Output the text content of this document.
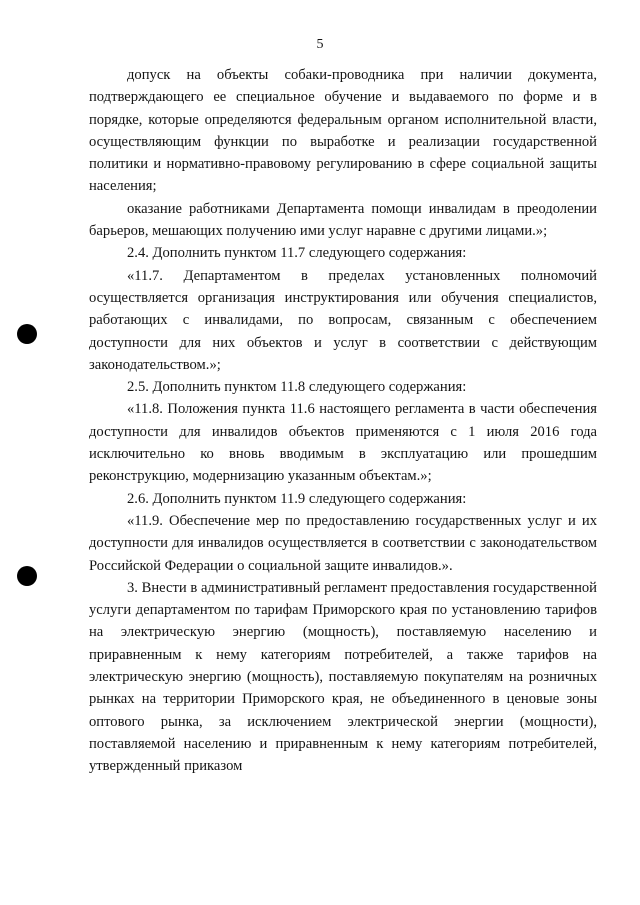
5

допуск на объекты собаки-проводника при наличии документа, подтверждающего ее специальное обучение и выдаваемого по форме и в порядке, которые определяются федеральным органом исполнительной власти, осуществляющим функции по выработке и реализации государственной политики и нормативно-правовому регулированию в сфере социальной защиты населения;

оказание работниками Департамента помощи инвалидам в преодолении барьеров, мешающих получению ими услуг наравне с другими лицами.»;

2.4. Дополнить пунктом 11.7 следующего содержания:

«11.7. Департаментом в пределах установленных полномочий осуществляется организация инструктирования или обучения специалистов, работающих с инвалидами, по вопросам, связанным с обеспечением доступности для них объектов и услуг в соответствии с действующим законодательством.»;

2.5. Дополнить пунктом 11.8 следующего содержания:

«11.8. Положения пункта 11.6 настоящего регламента в части обеспечения доступности для инвалидов объектов применяются с 1 июля 2016 года исключительно ко вновь вводимым в эксплуатацию или прошедшим реконструкцию, модернизацию указанным объектам.»;

2.6. Дополнить пунктом 11.9 следующего содержания:

«11.9. Обеспечение мер по предоставлению государственных услуг и их доступности для инвалидов осуществляется в соответствии с законодательством Российской Федерации о социальной защите инвалидов.».

3. Внести в административный регламент предоставления государственной услуги департаментом по тарифам Приморского края по установлению тарифов на электрическую энергию (мощность), поставляемую населению и приравненным к нему категориям потребителей, а также тарифов на электрическую энергию (мощность), поставляемую покупателям на розничных рынках на территории Приморского края, не объединенного в ценовые зоны оптового рынка, за исключением электрической энергии (мощности), поставляемой населению и приравненным к нему категориям потребителей, утвержденный приказом
